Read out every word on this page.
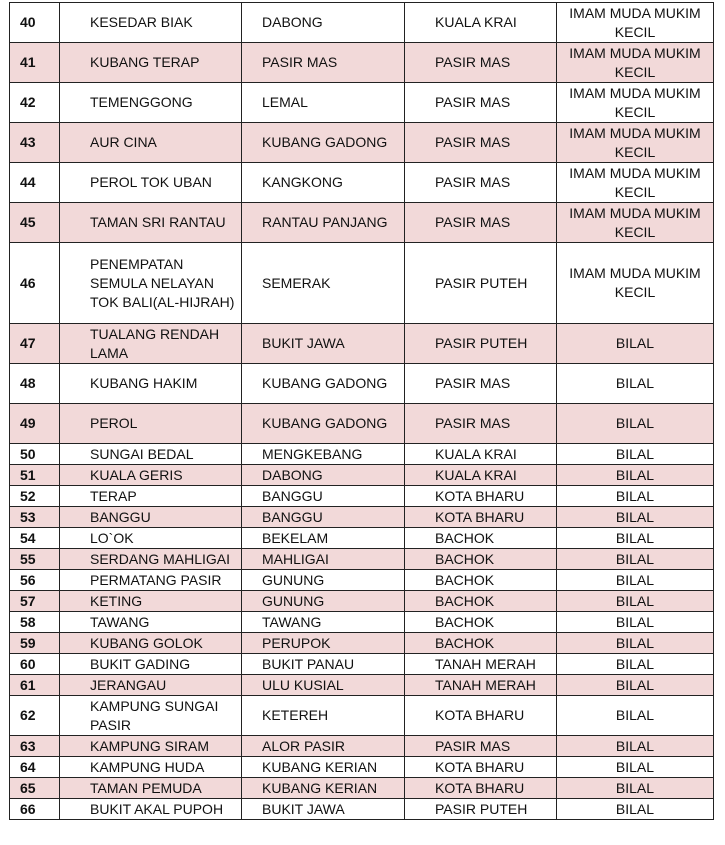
40	KESEDAR BIAK	DABONG	KUALA KRAI	IMAM MUDA MUKIM KECIL
41	KUBANG TERAP	PASIR MAS	PASIR MAS	IMAM MUDA MUKIM KECIL
42	TEMENGGONG	LEMAL	PASIR MAS	IMAM MUDA MUKIM KECIL
43	AUR CINA	KUBANG GADONG	PASIR MAS	IMAM MUDA MUKIM KECIL
44	PEROL TOK UBAN	KANGKONG	PASIR MAS	IMAM MUDA MUKIM KECIL
45	TAMAN SRI RANTAU	RANTAU PANJANG	PASIR MAS	IMAM MUDA MUKIM KECIL
46	PENEMPATAN SEMULA NELAYAN TOK BALI(AL-HIJRAH)	SEMERAK	PASIR PUTEH	IMAM MUDA MUKIM KECIL
47	TUALANG RENDAH LAMA	BUKIT JAWA	PASIR PUTEH	BILAL
48	KUBANG HAKIM	KUBANG GADONG	PASIR MAS	BILAL
49	PEROL	KUBANG GADONG	PASIR MAS	BILAL
50	SUNGAI BEDAL	MENGKEBANG	KUALA KRAI	BILAL
51	KUALA GERIS	DABONG	KUALA KRAI	BILAL
52	TERAP	BANGGU	KOTA BHARU	BILAL
53	BANGGU	BANGGU	KOTA BHARU	BILAL
54	LO`OK	BEKELAM	BACHOK	BILAL
55	SERDANG MAHLIGAI	MAHLIGAI	BACHOK	BILAL
56	PERMATANG PASIR	GUNUNG	BACHOK	BILAL
57	KETING	GUNUNG	BACHOK	BILAL
58	TAWANG	TAWANG	BACHOK	BILAL
59	KUBANG GOLOK	PERUPOK	BACHOK	BILAL
60	BUKIT GADING	BUKIT PANAU	TANAH MERAH	BILAL
61	JERANGAU	ULU KUSIAL	TANAH MERAH	BILAL
62	KAMPUNG SUNGAI PASIR	KETEREH	KOTA BHARU	BILAL
63	KAMPUNG SIRAM	ALOR PASIR	PASIR MAS	BILAL
64	KAMPUNG HUDA	KUBANG KERIAN	KOTA BHARU	BILAL
65	TAMAN PEMUDA	KUBANG KERIAN	KOTA BHARU	BILAL
66	BUKIT AKAL PUPOH	BUKIT JAWA	PASIR PUTEH	BILAL
